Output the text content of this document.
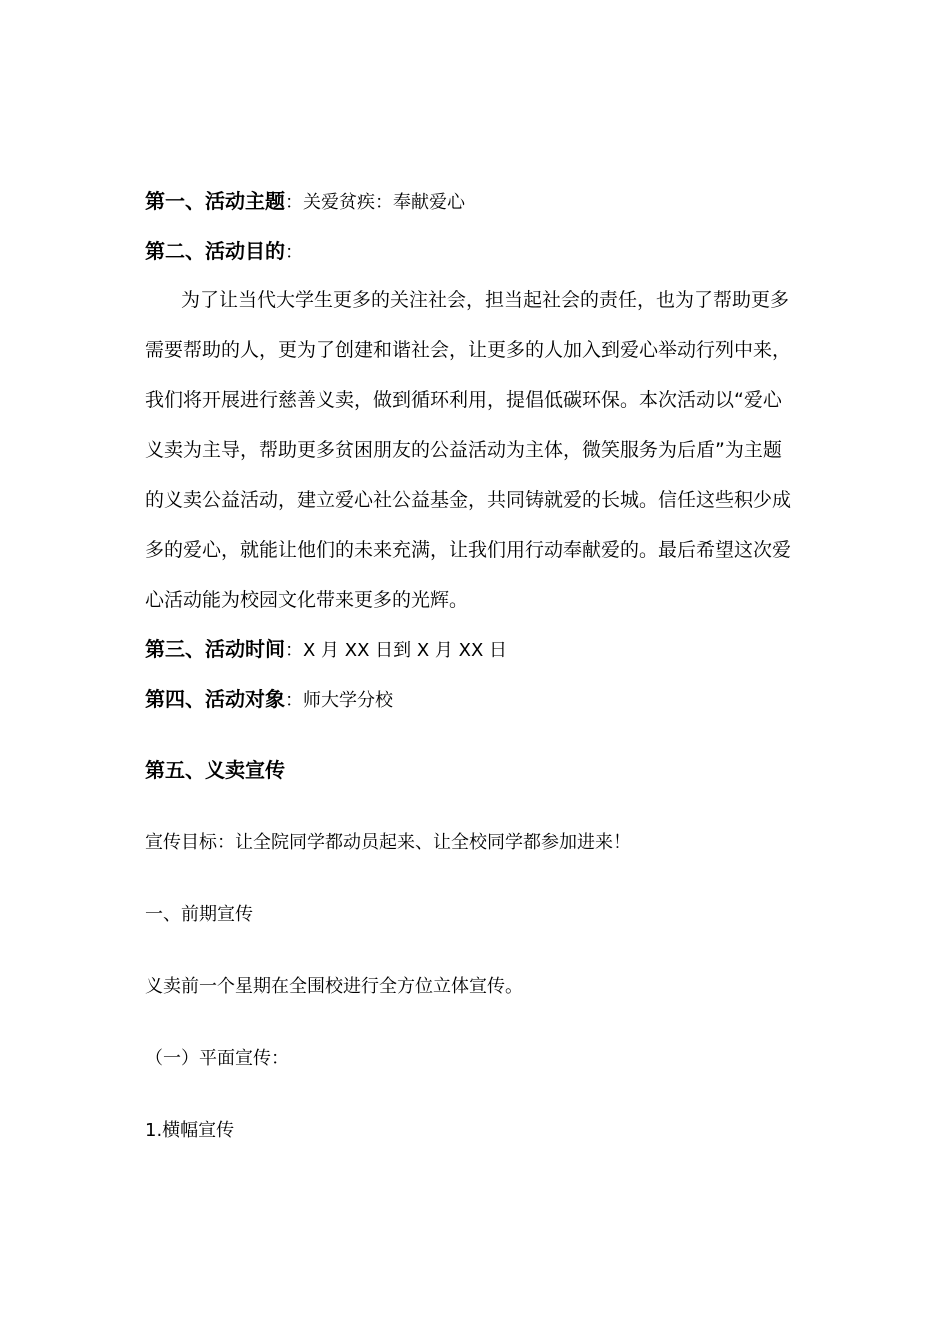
第一、活动主题：关爱贫疾：奉献爱心
第二、活动目的：
为了让当代大学生更多的关注社会，担当起社会的责任，也为了帮助更多
需要帮助的人，更为了创建和谐社会，让更多的人加入到爱心举动行列中来，
我们将开展进行慈善义卖，做到循环利用，提倡低碳环保。本次活动以“爱心
义卖为主导，帮助更多贫困朋友的公益活动为主体，微笑服务为后盾”为主题
的义卖公益活动，建立爱心社公益基金，共同铸就爱的长城。信任这些积少成
多的爱心，就能让他们的未来充满，让我们用行动奉献爱的。最后希望这次爱
心活动能为校园文化带来更多的光辉。
第三、活动时间：X 月 XX 日到 X 月 XX 日
第四、活动对象：师大学分校
第五、义卖宣传
宣传目标：让全院同学都动员起来、让全校同学都参加进来！
一、前期宣传
义卖前一个星期在全围校进行全方位立体宣传。
（一）平面宣传：
1.横幅宣传
